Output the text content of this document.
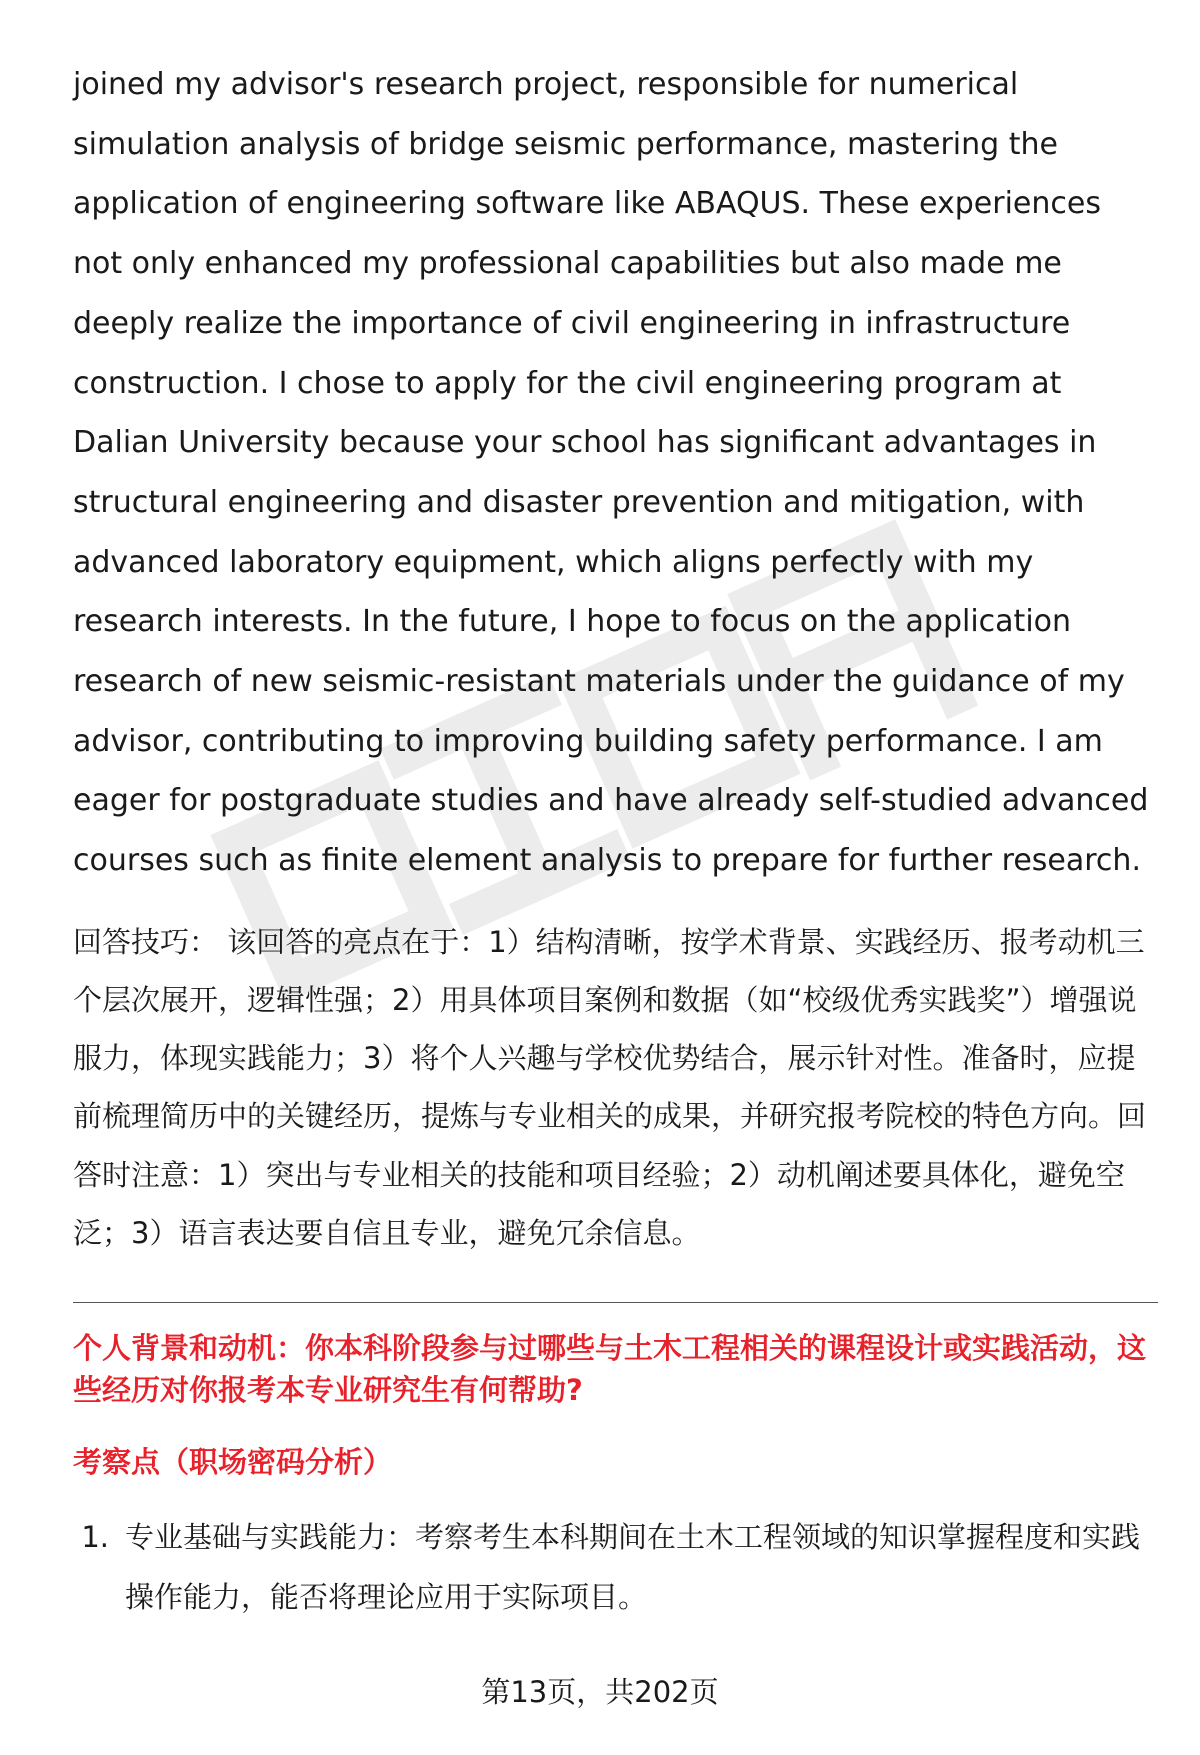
joined my advisor's research project, responsible for numerical simulation analysis of bridge seismic performance, mastering the application of engineering software like ABAQUS. These experiences not only enhanced my professional capabilities but also made me deeply realize the importance of civil engineering in infrastructure construction. I chose to apply for the civil engineering program at Dalian University because your school has significant advantages in structural engineering and disaster prevention and mitigation, with advanced laboratory equipment, which aligns perfectly with my research interests. In the future, I hope to focus on the application research of new seismic-resistant materials under the guidance of my advisor, contributing to improving building safety performance. I am eager for postgraduate studies and have already self-studied advanced courses such as finite element analysis to prepare for further research.

回答技巧： 该回答的亮点在于：1）结构清晰，按学术背景、实践经历、报考动机三个层次展开，逻辑性强；2）用具体项目案例和数据（如“校级优秀实践奖”）增强说服力，体现实践能力；3）将个人兴趣与学校优势结合，展示针对性。准备时，应提前梳理简历中的关键经历，提炼与专业相关的成果，并研究报考院校的特色方向。回答时注意：1）突出与专业相关的技能和项目经验；2）动机阐述要具体化，避免空泛；3）语言表达要自信且专业，避免冗余信息。

个人背景和动机：你本科阶段参与过哪些与土木工程相关的课程设计或实践活动，这些经历对你报考本专业研究生有何帮助?

考察点（职场密码分析）

1. 专业基础与实践能力：考察考生本科期间在土木工程领域的知识掌握程度和实践操作能力，能否将理论应用于实际项目。
第13页，共202页
